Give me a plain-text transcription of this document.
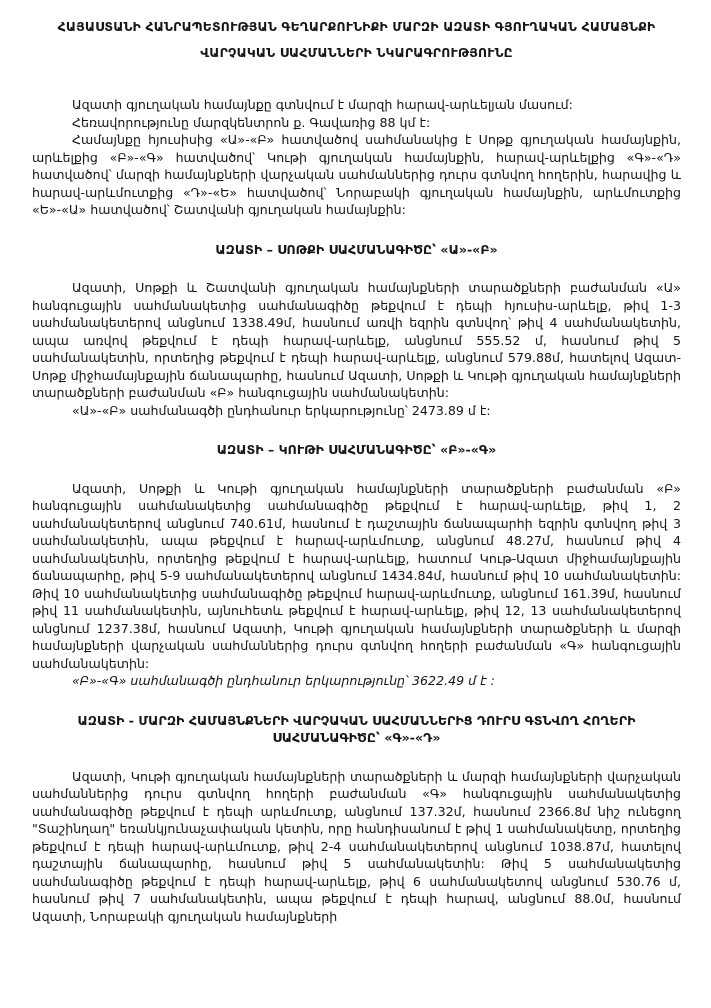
ՀԱՅԱՍՏԱՆԻ ՀԱՆՐԱՊԵՏՈՒԹՅԱՆ ԳԵՂԱՐՔՈՒՆԻՔԻ ՄԱՐԶԻ ԱԶԱՏԻ ԳՅՈՒՂԱԿԱՆ ՀԱՄԱՅՆՔԻ
ՎԱՐՉԱԿԱՆ ՍԱՀՄԱՆՆԵՐԻ ՆԿԱՐԱԳՐՈՒԹՅՈՒՆԸ

Ազատի գյուղական համայնքը գտնվում է մարզի հարավ-արևելյան մասում:

Հեռավորությունը մարզկենտրոն ք. Գավառից 88 կմ է:

Համայնքը հյուսիսից «Ա»-«Բ» հատվածով սահմանակից է Սոթք գյուղական համայնքին, արևելքից «Բ»-«Գ» հատվածով՝ Կութի գյուղական համայնքին, հարավ-արևելքից «Գ»-«Դ» հատվածով՝ մարզի համայնքների վարչական սահմաններից դուրս գտնվող հողերին, հարավից և հարավ-արևմուտքից «Դ»-«Ե» հատվածով՝ Նորաբակի գյուղական համայնքին, արևմուտքից «Ե»-«Ա» հատվածով՝ Շատվանի գյուղական համայնքին:

ԱԶԱՏԻ – ՍՈԹՔԻ ՍԱՀՄԱՆԱԳԻԾԸ՝ «Ա»-«Բ»

Ազատի, Սոթքի և Շատվանի գյուղական համայնքների տարածքների բաժանման «Ա» հանգուցային սահմանակետից սահմանագիծը թեքվում է դեպի հյուսիս-արևելք, թիվ 1-3 սահմանակետերով անցնում 1338.49մ, հասնում առվի եզրին գտնվող՝ թիվ 4 սահմանակետին, ապա առվով թեքվում է դեպի հարավ-արևելք, անցնում 555.52 մ, հասնում թիվ 5 սահմանակետին, որտեղից թեքվում է դեպի հարավ-արևելք, անցնում 579.88մ, հատելով Ազատ-Սոթք միջհամայնքային ճանապարհը, հասնում Ազատի, Սոթքի և Կութի գյուղական համայնքների տարածքների բաժանման «Բ» հանգուցային սահմանակետին:

«Ա»-«Բ» սահմանագծի ընդհանուր երկարությունը՝ 2473.89 մ է:

ԱԶԱՏԻ – ԿՈՒԹԻ ՍԱՀՄԱՆԱԳԻԾԸ՝ «Բ»-«Գ»

Ազատի, Սոթքի և Կութի գյուղական համայնքների տարածքների բաժանման «Բ» հանգուցային սահմանակետից սահմանագիծը թեքվում է հարավ-արևելք, թիվ 1, 2 սահմանակետերով անցնում 740.61մ, հասնում է դաշտային ճանապարհի եզրին գտնվող թիվ 3 սահմանակետին, ապա թեքվում է հարավ-արևմուտք, անցնում 48.27մ, հասնում թիվ 4 սահմանակետին, որտեղից թեքվում է հարավ-արևելք, հատում Կութ-Ազատ միջհամայնքային ճանապարհը, թիվ 5-9 սահմանակետերով անցնում 1434.84մ, հասնում թիվ 10 սահմանակետին: Թիվ 10 սահմանակետից սահմանագիծը թեքվում հարավ-արևմուտք, անցնում 161.39մ, հասնում թիվ 11 սահմանակետին, այնուհետև թեքվում է հարավ-արևելք, թիվ 12, 13 սահմանակետերով անցնում 1237.38մ, հասնում Ազատի, Կութի գյուղական համայնքների տարածքների և մարզի համայնքների վարչական սահմաններից դուրս գտնվող հողերի բաժանման «Գ» հանգուցային սահմանակետին:

«Բ»-«Գ» սահմանագծի ընդհանուր երկարությունը՝ 3622.49 մ է :

ԱԶԱՏԻ - ՄԱՐԶԻ ՀԱՄԱՅՆՔՆԵՐԻ ՎԱՐՉԱԿԱՆ ՍԱՀՄԱՆՆԵՐԻՑ ԴՈՒՐՍ ԳՏՆՎՈՂ ՀՈՂԵՐԻ ՍԱՀՄԱՆԱԳԻԾԸ՝ «Գ»-«Դ»

Ազատի, Կութի գյուղական համայնքների տարածքների և մարզի համայնքների վարչական սահմաններից դուրս գտնվող հողերի բաժանման «Գ» հանգուցային սահմանակետից սահմանագիծը թեքվում է դեպի արևմուտք, անցնում 137.32մ, հասնում 2366.8մ նիշ ունեցող "Տաշինղաղ" եռանկյունաչափական կետին, որը հանդիսանում է թիվ 1 սահմանակետը, որտեղից թեքվում է դեպի հարավ-արևմուտք, թիվ 2-4 սահմանակետերով անցնում 1038.87մ, հատելով դաշտային ճանապարհը, հասնում թիվ 5 սահմանակետին: Թիվ 5 սահմանակետից սահմանագիծը թեքվում է դեպի հարավ-արևելք, թիվ 6 սահմանակետով անցնում 530.76 մ, հասնում թիվ 7 սահմանակետին, ապա թեքվում է դեպի հարավ, անցնում 88.0մ, հասնում Ազատի, Նորաբակի գյուղական համայնքների
